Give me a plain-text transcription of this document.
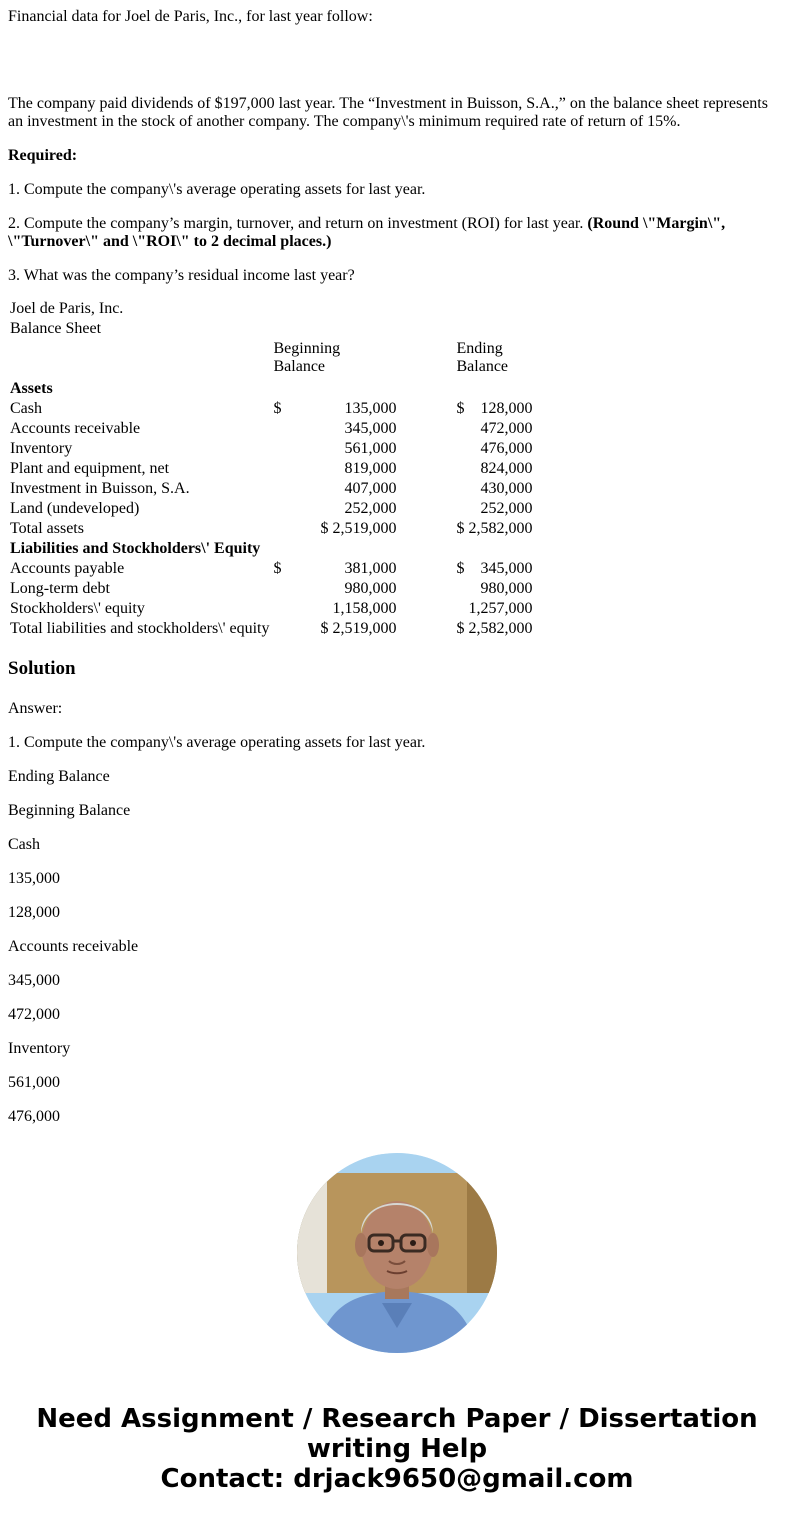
Financial data for Joel de Paris, Inc., for last year follow:

The company paid dividends of $197,000 last year. The “Investment in Buisson, S.A.,” on the balance sheet represents an investment in the stock of another company. The company\'s minimum required rate of return of 15%.

Required:

1. Compute the company\'s average operating assets for last year.

2. Compute the company’s margin, turnover, and return on investment (ROI) for last year. (Round \"Margin\", \"Turnover\" and \"ROI\" to 2 decimal places.)

3. What was the company’s residual income last year?

Joel de Paris, Inc.					
Balance Sheet					
	Beginning
Balance			Ending
Balance	
Assets					
Cash	$	135,000		$	128,000
Accounts receivable		345,000			472,000
Inventory		561,000			476,000
Plant and equipment, net		819,000			824,000
Investment in Buisson, S.A.		407,000			430,000
Land (undeveloped)		252,000			252,000
Total assets	$	2,519,000		$	2,582,000
Liabilities and Stockholders\' Equity					
Accounts payable	$	381,000		$	345,000
Long-term debt		980,000			980,000
Stockholders\' equity		1,158,000			1,257,000
Total liabilities and stockholders\' equity	$	2,519,000		$	2,582,000
Solution

Answer:

1. Compute the company\'s average operating assets for last year.

Ending Balance

Beginning Balance

Cash

135,000

128,000

Accounts receivable

345,000

472,000

Inventory

561,000

476,000

Need Assignment / Research Paper / Dissertation
writing Help
Contact: drjack9650@gmail.com
